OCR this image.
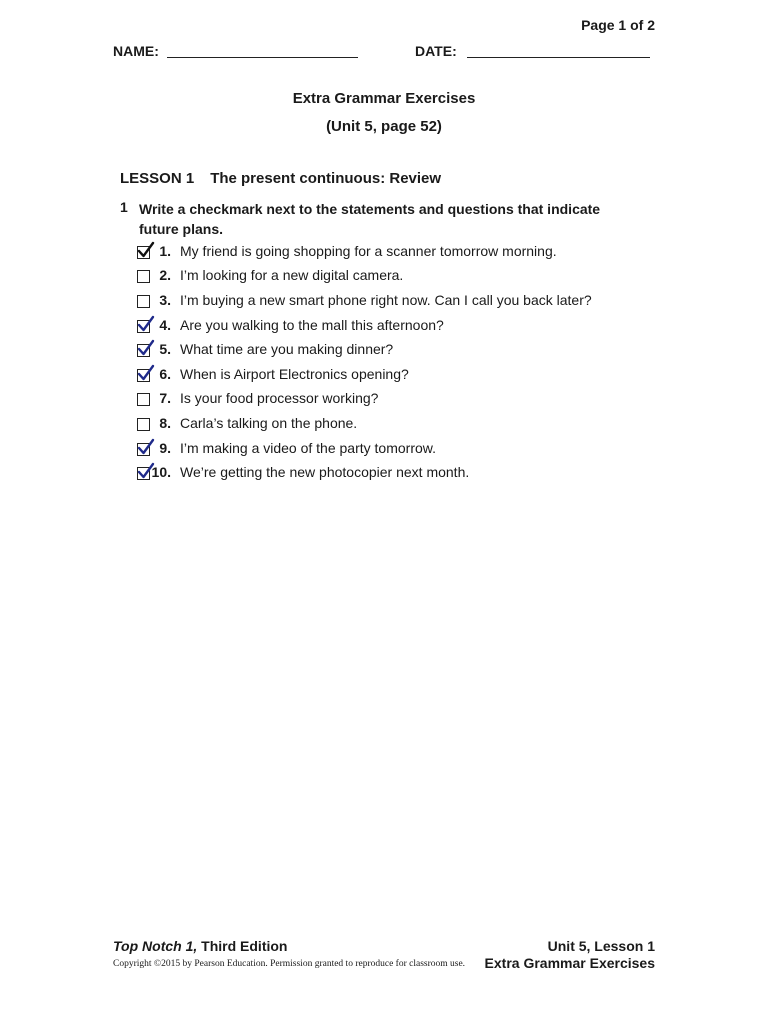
Page 1 of 2
NAME:	DATE:
Extra Grammar Exercises
(Unit 5, page 52)
LESSON 1 The present continuous: Review
1 Write a checkmark next to the statements and questions that indicate future plans.
1. My friend is going shopping for a scanner tomorrow morning.
2. I’m looking for a new digital camera.
3. I’m buying a new smart phone right now. Can I call you back later?
4. Are you walking to the mall this afternoon?
5. What time are you making dinner?
6. When is Airport Electronics opening?
7. Is your food processor working?
8. Carla’s talking on the phone.
9. I’m making a video of the party tomorrow.
10. We’re getting the new photocopier next month.
Top Notch 1, Third Edition
Copyright ©2015 by Pearson Education. Permission granted to reproduce for classroom use.
Unit 5, Lesson 1
Extra Grammar Exercises
